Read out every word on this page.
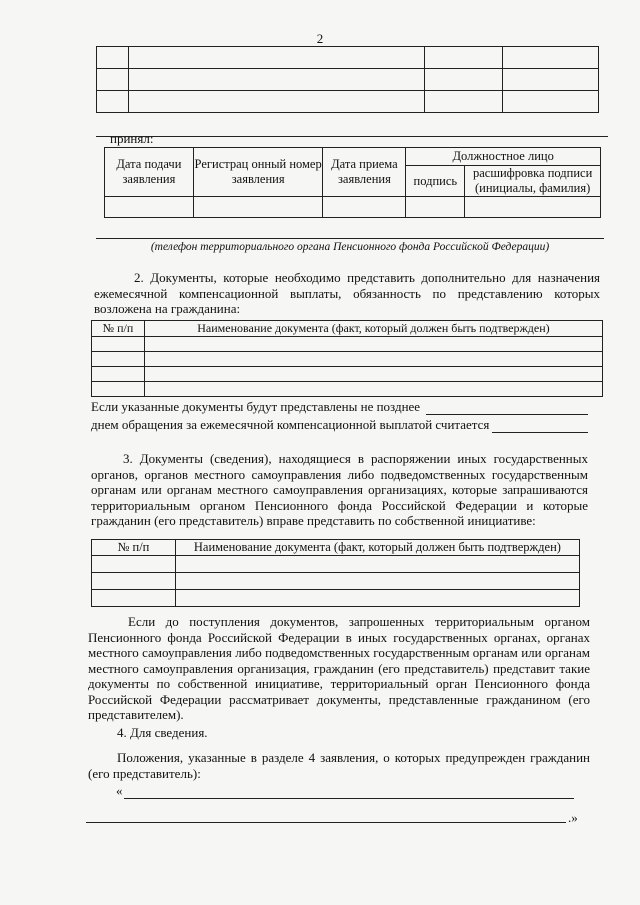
2

принял:
Дата подачи заявления	Регистрац онный номер заявления	Дата приема заявления	Должностное лицо	
			подпись	расшифровка подписи (инициалы, фамилия)

(телефон территориального органа Пенсионного фонда Российской Федерации)
2. Документы, которые необходимо представить дополнительно для назначения ежемесячной компенсационной выплаты, обязанность по представлению которых возложена на гражданина:
№ п/п	Наименование документа (факт, который должен быть подтвержден)

Если указанные документы будут представлены не позднее
днем обращения за ежемесячной компенсационной выплатой считается
3. Документы (сведения), находящиеся в распоряжении иных государственных органов, органов местного самоуправления либо подведомственных государственным органам или органам местного самоуправления организациях, которые запрашиваются территориальным органом Пенсионного фонда Российской Федерации и которые гражданин (его представитель) вправе представить по собственной инициативе:
№ п/п	Наименование документа (факт, который должен быть подтвержден)

Если до поступления документов, запрошенных территориальным органом Пенсионного фонда Российской Федерации в иных государственных органах, органах местного самоуправления либо подведомственных государственным органам или органам местного самоуправления организация, гражданин (его представитель) представит такие документы по собственной инициативе, территориальный орган Пенсионного фонда Российской Федерации рассматривает документы, представленные гражданином (его представителем).
4. Для сведения.
Положения, указанные в разделе 4 заявления, о которых предупрежден гражданин (его представитель):
«
.»
